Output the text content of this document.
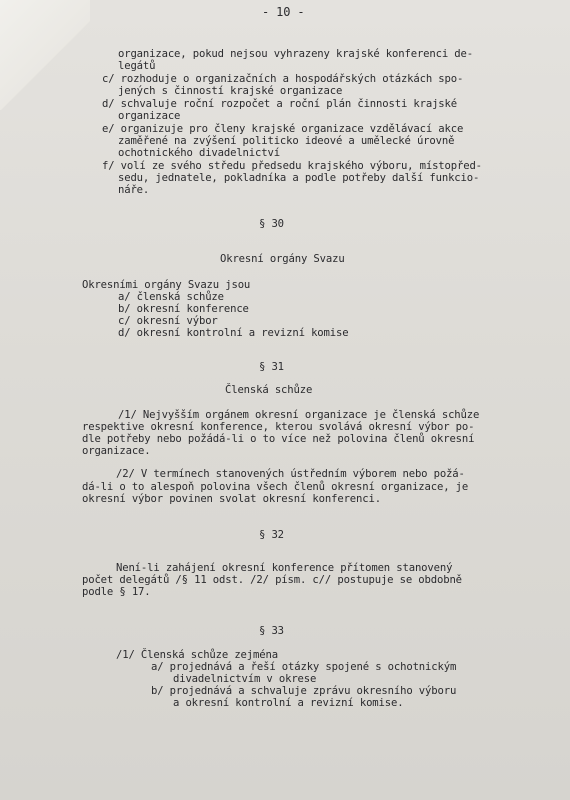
- 10 -
organizace, pokud nejsou vyhrazeny krajské konferenci de-
legátů
c/ rozhoduje o organizačních a hospodářských otázkách spo-
jených s činností krajské organizace
d/ schvaluje roční rozpočet a roční plán činnosti krajské
organizace
e/ organizuje pro členy krajské organizace vzdělávací akce
zaměřené na zvýšení politicko ideové a umělecké úrovně
ochotnického divadelnictví
f/ volí ze svého středu předsedu krajského výboru, místopřed-
sedu, jednatele, pokladníka a podle potřeby další funkcio-
náře.
§ 30
Okresní orgány Svazu
Okresními orgány Svazu jsou
a/ členská schůze
b/ okresní konference
c/ okresní výbor
d/ okresní kontrolní a revizní komise
§ 31
Členská schůze
/1/ Nejvyšším orgánem okresní organizace je členská schůze
respektive okresní konference, kterou svolává okresní výbor po-
dle potřeby nebo požádá-li o to více než polovina členů okresní
organizace.
/2/ V termínech stanovených ústředním výborem nebo požá-
dá-li o to alespoň polovina všech členů okresní organizace, je
okresní výbor povinen svolat okresní konferenci.
§ 32
Není-li zahájení okresní konference přítomen stanovený
počet delegátů /§ 11 odst. /2/ písm. c// postupuje se obdobně
podle § 17.
§ 33
/1/ Členská schůze zejména
a/ projednává a řeší otázky spojené s ochotnickým
divadelnictvím v okrese
b/ projednává a schvaluje zprávu okresního výboru
a okresní kontrolní a revizní komise.
